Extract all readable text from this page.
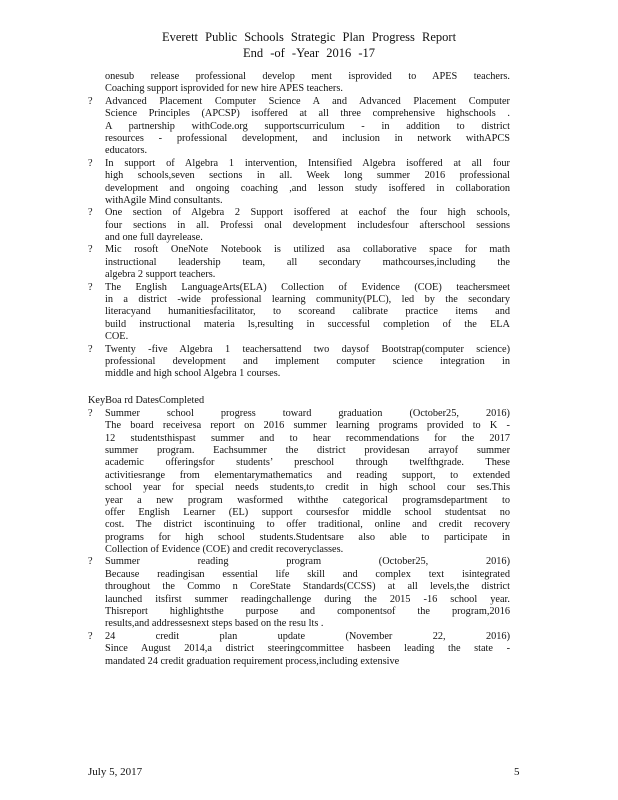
Everett Public Schools Strategic Plan Progress Report
End -of -Year 2016 -17
onesub release professional develop ment isprovided to APES teachers.
Coaching support isprovided for new hire APES teachers.
?	Advanced Placement Computer Science A and Advanced Placement Computer
Science Principles (APCSP) isoffered at all three comprehensive highschools .
A partnership withCode.org supportscurriculum - in addition to district
resources - professional development, and inclusion in network withAPCS
educators.
?	In support of Algebra 1 intervention, Intensified Algebra isoffered at all four
high schools,seven sections in all. Week long summer 2016 professional
development and ongoing coaching ,and lesson study isoffered in collaboration
withAgile Mind consultants.
?	One section of Algebra 2 Support isoffered at eachof the four high schools,
four sections in all. Professi onal development includesfour afterschool sessions
and one full dayrelease.
?	Mic rosoft OneNote Notebook is utilized asa collaborative space for math
instructional leadership team, all secondary mathcourses,including the
algebra 2 support teachers.
?	The English LanguageArts(ELA) Collection of Evidence (COE) teachersmeet
in a district -wide professional learning community(PLC), led by the secondary
literacyand humanitiesfacilitator, to scoreand calibrate practice items and
build instructional materia ls,resulting in successful completion of the ELA
COE.
?	Twenty -five Algebra 1 teachersattend two daysof Bootstrap(computer science)
professional development and implement computer science integration in
middle and high school Algebra 1 courses.
KeyBoa rd DatesCompleted
?	Summer school progress toward graduation (October25, 2016)
The board receivesa report on 2016 summer learning programs provided to K -
12 studentsthispast summer and to hear recommendations for the 2017
summer program. Eachsummer the district providesan arrayof summer
academic offeringsfor students’ preschool through twelfthgrade. These
activitiesrange from elementarymathematics and reading support, to extended
school year for special needs students,to credit in high school cour ses.This
year a new program wasformed withthe categorical programsdepartment to
offer English Learner (EL) support coursesfor middle school studentsat no
cost. The district iscontinuing to offer traditional, online and credit recovery
programs for high school students.Studentsare also able to participate in
Collection of Evidence (COE) and credit recoveryclasses.
?	Summer reading program (October25, 2016)
Because readingisan essential life skill and complex text isintegrated
throughout the Commo n CoreState Standards(CCSS) at all levels,the district
launched itsfirst summer readingchallenge during the 2015 -16 school year.
Thisreport highlightsthe purpose and componentsof the program,2016
results,and addressesnext steps based on the resu lts .
?	24 credit plan update (November 22, 2016)
Since August 2014,a district steeringcommittee hasbeen leading the state -
mandated 24 credit graduation requirement process,including extensive
July 5, 2017	5
